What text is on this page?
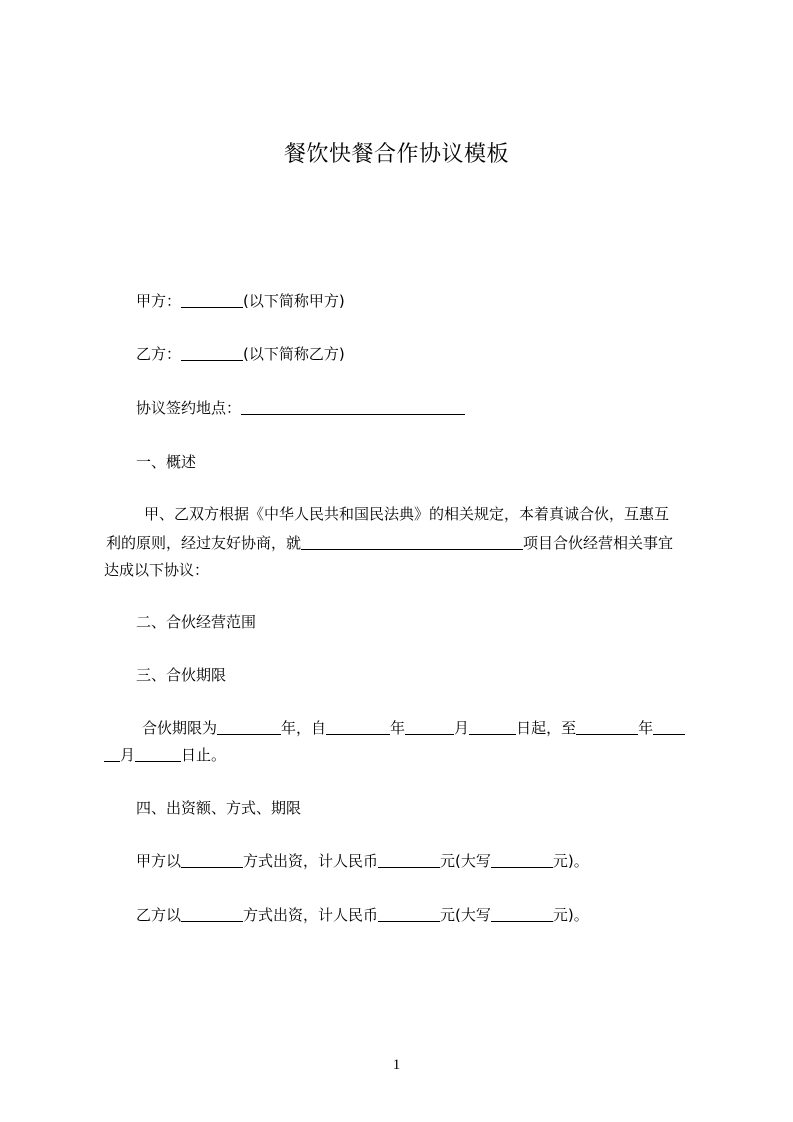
餐饮快餐合作协议模板
甲方：	(以下简称甲方)
乙方：	(以下简称乙方)
协议签约地点：
一、概述
甲、乙双方根据《中华人民共和国民法典》的相关规定，本着真诚合伙，互惠互
利的原则，经过友好协商，就	项目合伙经营相关事宜
达成以下协议：
二、合伙经营范围
三、合伙期限
合伙期限为	年，自	年	月	日起，至	年
月	日止。
四、出资额、方式、期限
甲方以	方式出资，计人民币	元(大写	元)。
乙方以	方式出资，计人民币	元(大写	元)。
1
